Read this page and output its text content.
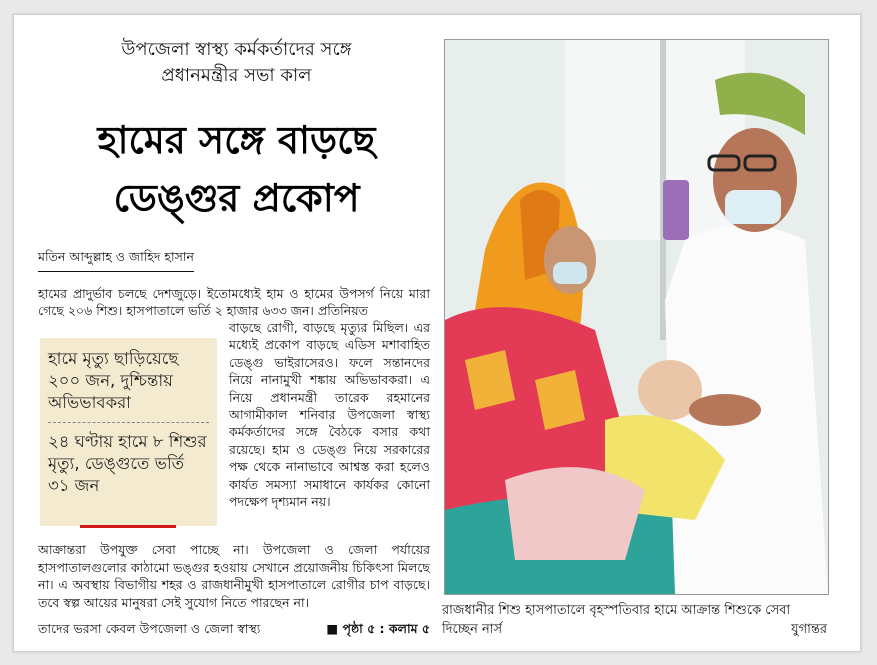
উপজেলা স্বাস্থ্য কর্মকর্তাদের সঙ্গে
প্রধানমন্ত্রীর সভা কাল
হামের সঙ্গে বাড়ছে
ডেঙ্গুর প্রকোপ
মতিন আব্দুল্লাহ ও জাহিদ হাসান
হামের প্রাদুর্ভাব চলছে দেশজুড়ে। ইতোমধ্যেই হাম ও হামের উপসর্গ নিয়ে মারা গেছে ২০৬ শিশু। হাসপাতালে ভর্তি ২ হাজার ৬৩৩ জন। প্রতিনিয়ত
হামে মৃত্যু ছাড়িয়েছে ২০০ জন, দুশ্চিন্তায় অভিভাবকরা
২৪ ঘণ্টায় হামে ৮ শিশুর মৃত্যু, ডেঙ্গুতে ভর্তি ৩১ জন
বাড়ছে রোগী, বাড়ছে মৃত্যুর মিছিল। এর মধ্যেই প্রকোপ বাড়ছে এডিস মশাবাহিত ডেঙ্গু ভাইরাসেরও। ফলে সন্তানদের নিয়ে নানামুখী শঙ্কায় অভিভাবকরা। এ নিয়ে প্রধানমন্ত্রী তারেক রহমানের আগামীকাল শনিবার উপজেলা স্বাস্থ্য কর্মকর্তাদের সঙ্গে বৈঠকে বসার কথা রয়েছে। হাম ও ডেঙ্গু নিয়ে সরকারের পক্ষ থেকে নানাভাবে আশ্বস্ত করা হলেও কার্যত সমস্যা সমাধানে কার্যকর কোনো পদক্ষেপ দৃশ্যমান নয়।
আক্রান্তরা উপযুক্ত সেবা পাচ্ছে না। উপজেলা ও জেলা পর্যায়ের হাসপাতালগুলোর কাঠামো ভঙ্গুর হওয়ায় সেখানে প্রয়োজনীয় চিকিৎসা মিলছে না। এ অবস্থায় বিভাগীয় শহর ও রাজধানীমুখী হাসপাতালে রোগীর চাপ বাড়ছে। তবে স্বল্প আয়ের মানুষরা সেই সুযোগ নিতে পারছেন না।
তাদের ভরসা কেবল উপজেলা ও জেলা স্বাস্থ্য	■ পৃষ্ঠা ৫ : কলাম ৫
রাজধানীর শিশু হাসপাতালে বৃহস্পতিবার হামে আক্রান্ত শিশুকে সেবা দিচ্ছেন নার্স	যুগান্তর
